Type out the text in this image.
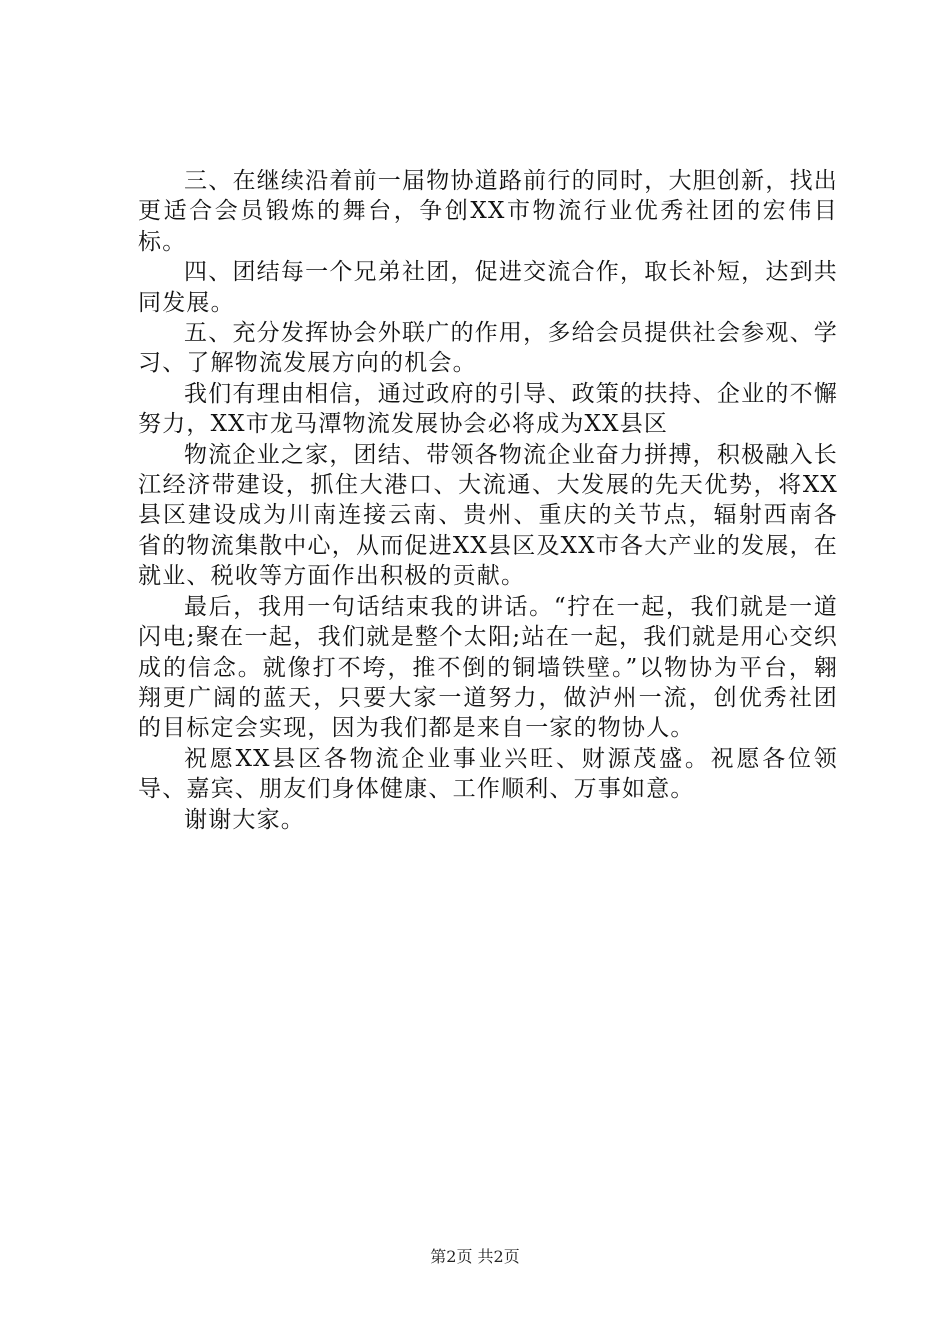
三、在继续沿着前一届物协道路前行的同时，大胆创新，找出更适合会员锻炼的舞台，争创XX市物流行业优秀社团的宏伟目标。

四、团结每一个兄弟社团，促进交流合作，取长补短，达到共同发展。

五、充分发挥协会外联广的作用，多给会员提供社会参观、学习、了解物流发展方向的机会。

我们有理由相信，通过政府的引导、政策的扶持、企业的不懈努力，XX市龙马潭物流发展协会必将成为XX县区

物流企业之家，团结、带领各物流企业奋力拼搏，积极融入长江经济带建设，抓住大港口、大流通、大发展的先天优势，将XX县区建设成为川南连接云南、贵州、重庆的关节点，辐射西南各省的物流集散中心，从而促进XX县区及XX市各大产业的发展，在就业、税收等方面作出积极的贡献。

最后，我用一句话结束我的讲话。“拧在一起，我们就是一道闪电;聚在一起，我们就是整个太阳;站在一起，我们就是用心交织成的信念。就像打不垮，推不倒的铜墙铁壁。”以物协为平台，翱翔更广阔的蓝天，只要大家一道努力，做泸州一流，创优秀社团的目标定会实现，因为我们都是来自一家的物协人。

祝愿XX县区各物流企业事业兴旺、财源茂盛。祝愿各位领导、嘉宾、朋友们身体健康、工作顺利、万事如意。

谢谢大家。

第2页 共2页
